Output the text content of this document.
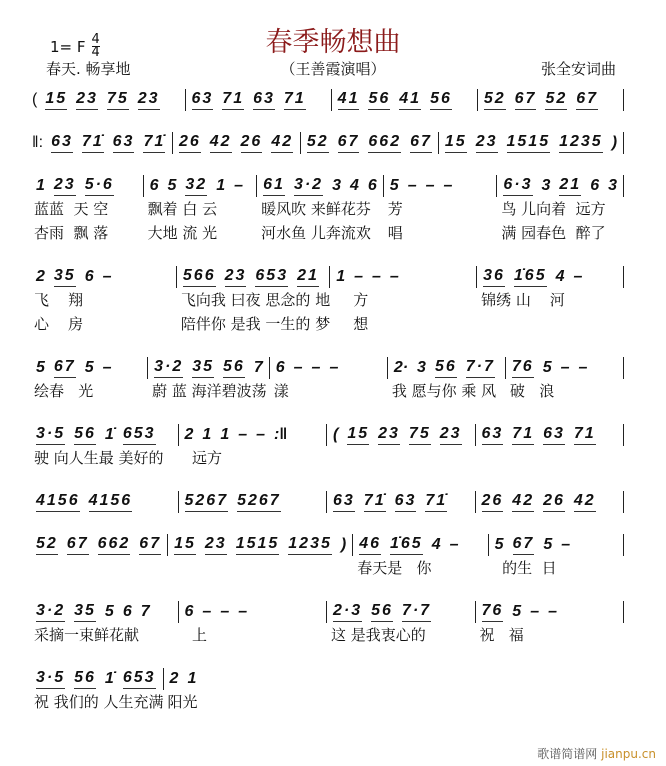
1= F $\frac{4}{4}$	春季畅想曲
春天. 畅享地	（王善霞演唱）	张全安词曲
( 15 23 75 23 63 71 63 71 41 56 41 56 52 67 52 67
‖: 63 71̇ 63 71̇ 26 42 26 42 52 67 662 67 15 23 1515 1235 )
1 23 5·6
蓝蓝  天 空
杏雨  飘 落
6 5 32 1 –
飘着 白 云
大地 流 光
61 3·2 3 4 6
暖风吹 来鲜花芬
河水鱼 儿奔流欢
5 – – –
芳
唱
6·3 3 21 6 3
鸟 儿向着  远方
满 园春色  醉了
2 35 6 –
飞    翔
心    房
566 23 653 21
飞向我 曰夜 思念的 地
陪伴你 是我 一生的 梦
1 – – –
方
想
36 1̇65 4 –
锦绣 山    河
5 67 5 –
绘春   光
3·2 35 56 7
蔚 蓝 海洋碧波荡
6 – – –
漾
2· 3 56 7·7
我 愿与你 乘 风
76 5 – –
破   浪
3·5 56 1̇ 653
驶 向人生最 美好的
2 1 1 – – :‖
远方
( 15 23 75 23 63 71 63 71
4156 4156	5267 5267	63 71̇ 63 71̇ 26 42 26 42
52 67 662 67 15 23 1515 1235 ) 46 1̇65 4 –
春天是   你
5 67 5 –
的生  日
3·2 35 5 6 7
采摘一束鲜花献
6 – – –
上
2·3 56 7·7
这 是我衷心的
76 5 – –
祝   福
3·5 56 1̇ 653
祝 我们的 人生充满
2 1
阳光
歌谱简谱网 jianpu.cn
